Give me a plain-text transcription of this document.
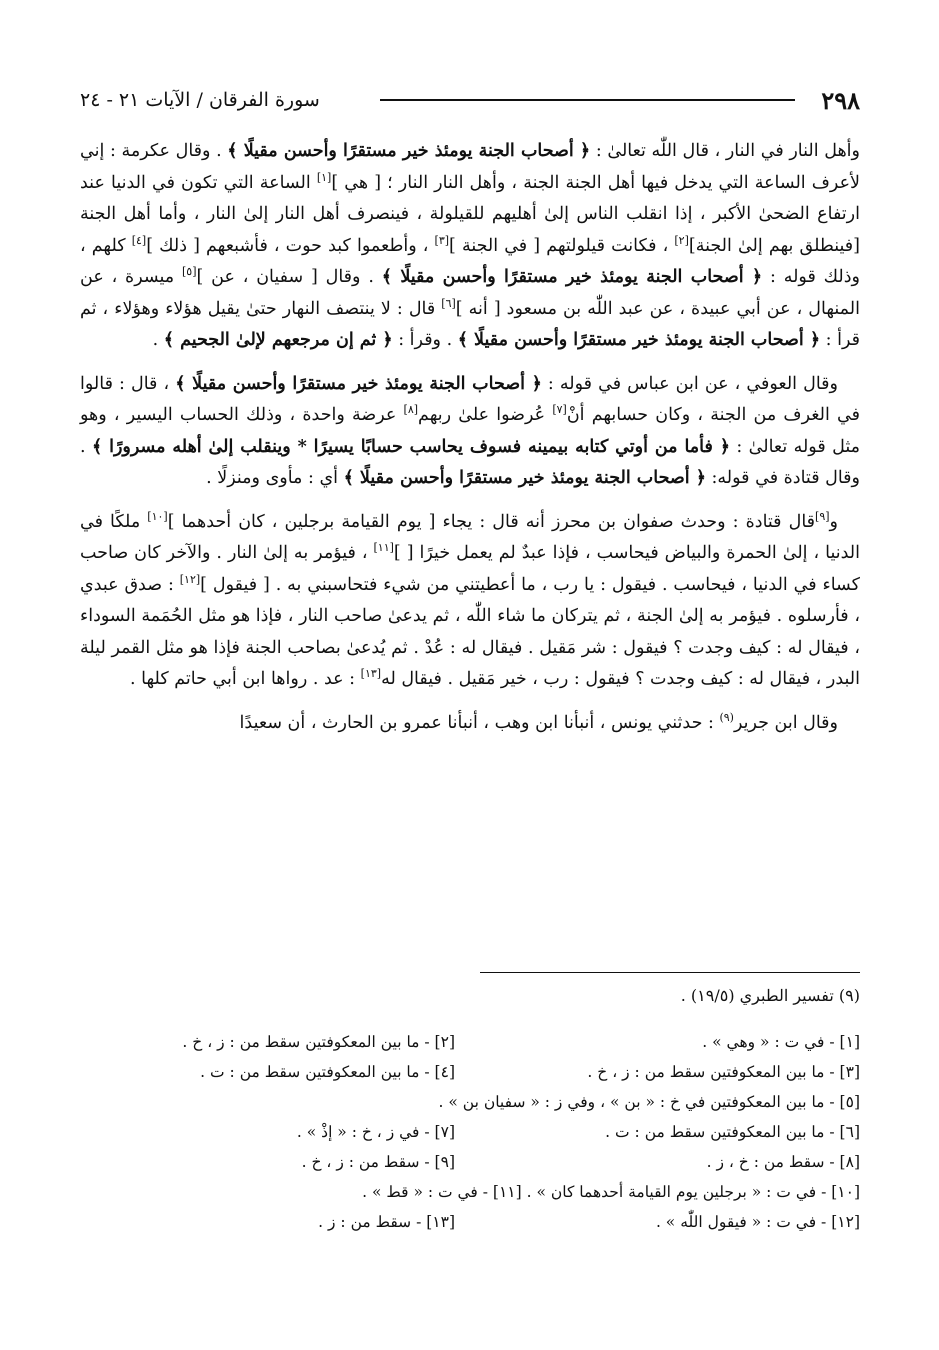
٢٩٨
سورة الفرقان / الآيات ٢١ - ٢٤

وأهل النار في النار ، قال اللّٰه تعالىٰ : ﴿ أصحاب الجنة يومئذ خير مستقرًا وأحسن مقيلًا ﴾ . وقال عكرمة : إني لأعرف الساعة التي يدخل فيها أهل الجنة الجنة ، وأهل النار النار ؛ [ هي ][١] الساعة التي تكون في الدنيا عند ارتفاع الضحىٰ الأكبر ، إذا انقلب الناس إلىٰ أهليهم للقيلولة ، فينصرف أهل النار إلىٰ النار ، وأما أهل الجنة [فينطلق بهم إلىٰ الجنة][٢] ، فكانت قيلولتهم [ في الجنة ][٣] ، وأطعموا كبد حوت ، فأشبعهم [ ذلك ][٤] كلهم ، وذلك قوله : ﴿ أصحاب الجنة يومئذ خير مستقرًا وأحسن مقيلًا ﴾ . وقال [ سفيان ، عن ][٥] ميسرة ، عن المنهال ، عن أبي عبيدة ، عن عبد اللّٰه بن مسعود [ أنه ][٦] قال : لا ينتصف النهار حتىٰ يقيل هؤلاء وهؤلاء ، ثم قرأ : ﴿ أصحاب الجنة يومئذ خير مستقرًا وأحسن مقيلًا ﴾ . وقرأ : ﴿ ثم إن مرجعهم لإلىٰ الجحيم ﴾ .

وقال العوفي ، عن ابن عباس في قوله : ﴿ أصحاب الجنة يومئذ خير مستقرًا وأحسن مقيلًا ﴾ ، قال : قالوا في الغرف من الجنة ، وكان حسابهم أنْ[٧] عُرضوا علىٰ ربهم[٨] عرضة واحدة ، وذلك الحساب اليسير ، وهو مثل قوله تعالىٰ : ﴿ فأما من أوتي كتابه بيمينه فسوف يحاسب حسابًا يسيرًا * وينقلب إلىٰ أهله مسرورًا ﴾ . وقال قتادة في قوله: ﴿ أصحاب الجنة يومئذ خير مستقرًا وأحسن مقيلًا ﴾ أي : مأوى ومنزلًا .

و[٩]قال قتادة : وحدث صفوان بن محرز أنه قال : يجاء [ يوم القيامة برجلين ، كان أحدهما ][١٠] ملكًا في الدنيا ، إلىٰ الحمرة والبياض فيحاسب ، فإذا عبدٌ لم يعمل خيرًا [ ][١١] ، فيؤمر به إلىٰ النار . والآخر كان صاحب كساء في الدنيا ، فيحاسب . فيقول : يا رب ، ما أعطيتني من شيء فتحاسبني به . [ فيقول ][١٢] : صدق عبدي ، فأرسلوه . فيؤمر به إلىٰ الجنة ، ثم يتركان ما شاء اللّٰه ، ثم يدعىٰ صاحب النار ، فإذا هو مثل الحُمَمة السوداء ، فيقال له : كيف وجدت ؟ فيقول : شر مَقيل . فيقال له : عُدْ . ثم يُدعىٰ بصاحب الجنة فإذا هو مثل القمر ليلة البدر ، فيقال له : كيف وجدت ؟ فيقول : رب ، خير مَقيل . فيقال له[١٣] : عد . رواها ابن أبي حاتم كلها .

وقال ابن جرير$^{(٩)}$ : حدثني يونس ، أنبأنا ابن وهب ، أنبأنا عمرو بن الحارث ، أن سعيدًا

(٩) تفسير الطبري (١٩/٥) .
[١] - في ت : « وهي » .
[٢] - ما بين المعكوفتين سقط من : ز ، خ .
[٣] - ما بين المعكوفتين سقط من : ز ، خ .
[٤] - ما بين المعكوفتين سقط من : ت .
[٥] - ما بين المعكوفتين في خ : « بن » ، وفي ز : « سفيان بن » .
[٦] - ما بين المعكوفتين سقط من : ت .
[٧] - في ز ، خ : « إذْ » .
[٨] - سقط من : خ ، ز .
[٩] - سقط من : ز ، خ .
[١٠] - في ت : « برجلين يوم القيامة أحدهما كان » . [١١] - في ت : « قط » .
[١٢] - في ت : « فيقول اللّٰه » .
[١٣] - سقط من : ز .
